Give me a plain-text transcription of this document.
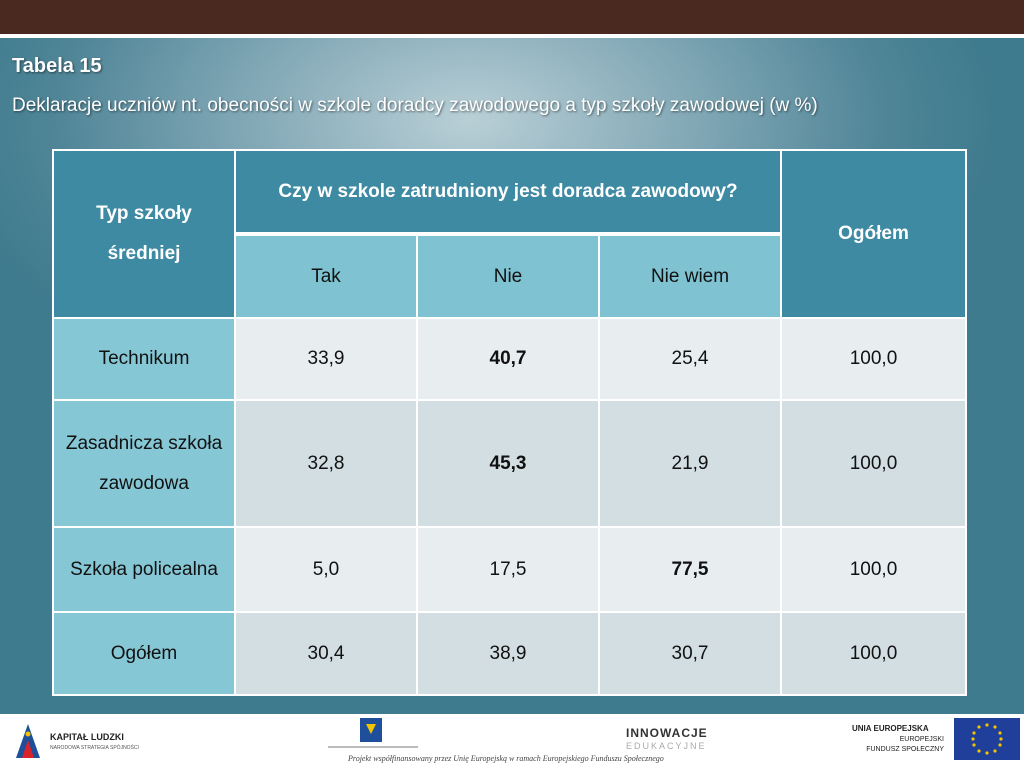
Tabela 15
Deklaracje uczniów nt. obecności w szkole doradcy zawodowego a typ szkoły zawodowej (w %)
Typ szkoły średniej	Czy w szkole zatrudniony jest doradca zawodowy?			Ogółem
	Tak	Nie	Nie wiem	
Technikum	33,9	40,7	25,4	100,0
Zasadnicza szkoła zawodowa	32,8	45,3	21,9	100,0
Szkoła policealna	5,0	17,5	77,5	100,0
Ogółem	30,4	38,9	30,7	100,0
KAPITAŁ LUDZKI
NARODOWA STRATEGIA SPÓJNOŚCI
INNOWACJE
EDUKACYJNE
Projekt współfinansowany przez Unię Europejską w ramach Europejskiego Funduszu Społecznego
UNIA EUROPEJSKA
EUROPEJSKI
FUNDUSZ SPOŁECZNY
